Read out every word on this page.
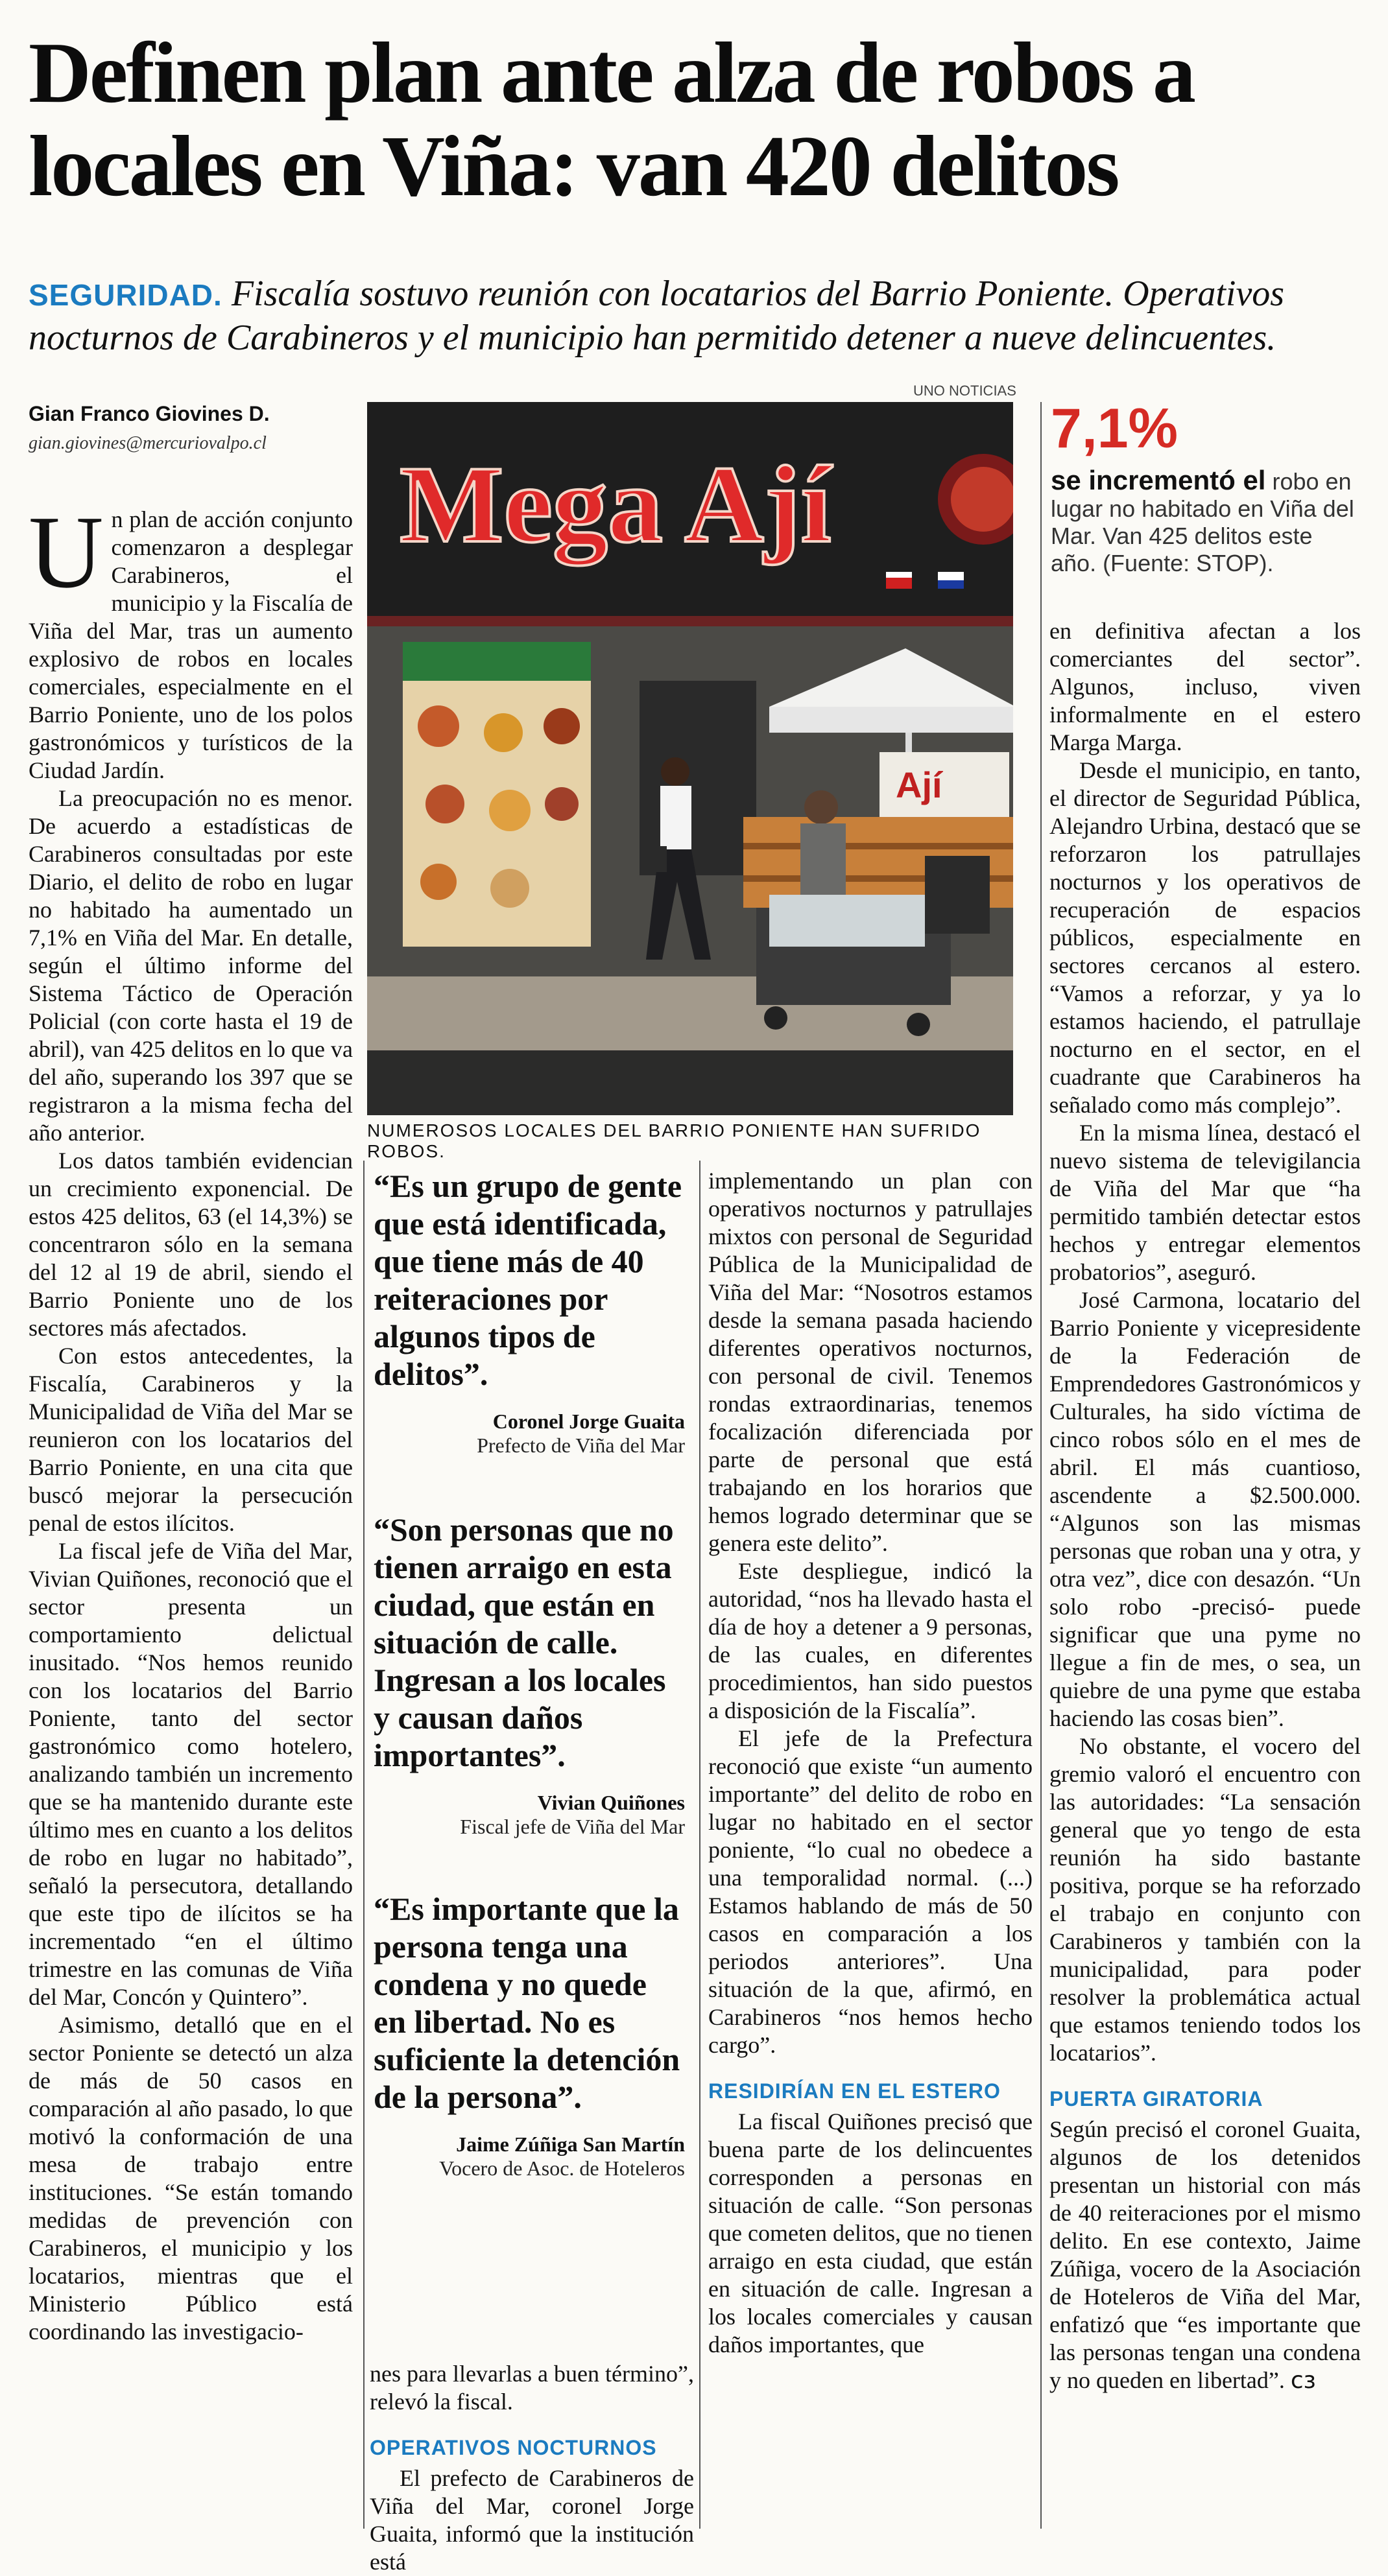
Definen plan ante alza de robos a locales en Viña: van 420 delitos
SEGURIDAD. Fiscalía sostuvo reunión con locatarios del Barrio Poniente. Operativos nocturnos de Carabineros y el municipio han permitido detener a nueve delincuentes.
Gian Franco Giovines D.
gian.giovines@mercuriovalpo.cl
UNO NOTICIAS
Mega Ají
Ají
NUMEROSOS LOCALES DEL BARRIO PONIENTE HAN SUFRIDO ROBOS.
7,1%
se incrementó el robo en lugar no habitado en Viña del Mar. Van 425 delitos este año. (Fuente: STOP).

Un plan de acción conjunto comenzaron a desplegar Carabineros, el municipio y la Fiscalía de Viña del Mar, tras un aumento explosivo de robos en locales comerciales, especialmente en el Barrio Poniente, uno de los polos gastronómicos y turísticos de la Ciudad Jardín.

La preocupación no es menor. De acuerdo a estadísticas de Carabineros consultadas por este Diario, el delito de robo en lugar no habitado ha aumentado un 7,1% en Viña del Mar. En detalle, según el último informe del Sistema Táctico de Operación Policial (con corte hasta el 19 de abril), van 425 delitos en lo que va del año, superando los 397 que se registraron a la misma fecha del año anterior.

Los datos también evidencian un crecimiento exponencial. De estos 425 delitos, 63 (el 14,3%) se concentraron sólo en la semana del 12 al 19 de abril, siendo el Barrio Poniente uno de los sectores más afectados.

Con estos antecedentes, la Fiscalía, Carabineros y la Municipalidad de Viña del Mar se reunieron con los locatarios del Barrio Poniente, en una cita que buscó mejorar la persecución penal de estos ilícitos.

La fiscal jefe de Viña del Mar, Vivian Quiñones, reconoció que el sector presenta un comportamiento delictual inusitado. “Nos hemos reunido con los locatarios del Barrio Poniente, tanto del sector gastronómico como hotelero, analizando también un incremento que se ha mantenido durante este último mes en cuanto a los delitos de robo en lugar no habitado”, señaló la persecutora, detallando que este tipo de ilícitos se ha incrementado “en el último trimestre en las comunas de Viña del Mar, Concón y Quintero”.

Asimismo, detalló que en el sector Poniente se detectó un alza de más de 50 casos en comparación al año pasado, lo que motivó la conformación de una mesa de trabajo entre instituciones. “Se están tomando medidas de prevención con Carabineros, el municipio y los locatarios, mientras que el Ministerio Público está coordinando las investigacio-

“Es un grupo de gente que está identificada, que tiene más de 40 reiteraciones por algunos tipos de delitos”.
Coronel Jorge Guaita
Prefecto de Viña del Mar
“Son personas que no tienen arraigo en esta ciudad, que están en situación de calle. Ingresan a los locales y causan daños importantes”.
Vivian Quiñones
Fiscal jefe de Viña del Mar
“Es importante que la persona tenga una condena y no quede en libertad. No es suficiente la detención de la persona”.
Jaime Zúñiga San Martín
Vocero de Asoc. de Hoteleros

nes para llevarlas a buen término”, relevó la fiscal.

OPERATIVOS NOCTURNOS

El prefecto de Carabineros de Viña del Mar, coronel Jorge Guaita, informó que la institución está

implementando un plan con operativos nocturnos y patrullajes mixtos con personal de Seguridad Pública de la Municipalidad de Viña del Mar: “Nosotros estamos desde la semana pasada haciendo diferentes operativos nocturnos, con personal de civil. Tenemos rondas extraordinarias, tenemos focalización diferenciada por parte de personal que está trabajando en los horarios que hemos logrado determinar que se genera este delito”.

Este despliegue, indicó la autoridad, “nos ha llevado hasta el día de hoy a detener a 9 personas, de las cuales, en diferentes procedimientos, han sido puestos a disposición de la Fiscalía”.

El jefe de la Prefectura reconoció que existe “un aumento importante” del delito de robo en lugar no habitado en el sector poniente, “lo cual no obedece a una temporalidad normal. (...) Estamos hablando de más de 50 casos en comparación a los periodos anteriores”. Una situación de la que, afirmó, en Carabineros “nos hemos hecho cargo”.

RESIDIRÍAN EN EL ESTERO

La fiscal Quiñones precisó que buena parte de los delincuentes corresponden a personas en situación de calle. “Son personas que cometen delitos, que no tienen arraigo en esta ciudad, que están en situación de calle. Ingresan a los locales comerciales y causan daños importantes, que

en definitiva afectan a los comerciantes del sector”. Algunos, incluso, viven informalmente en el estero Marga Marga.

Desde el municipio, en tanto, el director de Seguridad Pública, Alejandro Urbina, destacó que se reforzaron los patrullajes nocturnos y los operativos de recuperación de espacios públicos, especialmente en sectores cercanos al estero. “Vamos a reforzar, y ya lo estamos haciendo, el patrullaje nocturno en el sector, en el cuadrante que Carabineros ha señalado como más complejo”.

En la misma línea, destacó el nuevo sistema de televigilancia de Viña del Mar que “ha permitido también detectar estos hechos y entregar elementos probatorios”, aseguró.

José Carmona, locatario del Barrio Poniente y vicepresidente de la Federación de Emprendedores Gastronómicos y Culturales, ha sido víctima de cinco robos sólo en el mes de abril. El más cuantioso, ascendente a $2.500.000. “Algunos son las mismas personas que roban una y otra, y otra vez”, dice con desazón. “Un solo robo -precisó- puede significar que una pyme no llegue a fin de mes, o sea, un quiebre de una pyme que estaba haciendo las cosas bien”.

No obstante, el vocero del gremio valoró el encuentro con las autoridades: “La sensación general que yo tengo de esta reunión ha sido bastante positiva, porque se ha reforzado el trabajo en conjunto con Carabineros y también con la municipalidad, para poder resolver la problemática actual que estamos teniendo todos los locatarios”.

PUERTA GIRATORIA

Según precisó el coronel Guaita, algunos de los detenidos presentan un historial con más de 40 reiteraciones por el mismo delito. En ese contexto, Jaime Zúñiga, vocero de la Asociación de Hoteleros de Viña del Mar, enfatizó que “es importante que las personas tengan una condena y no queden en libertad”. cз
